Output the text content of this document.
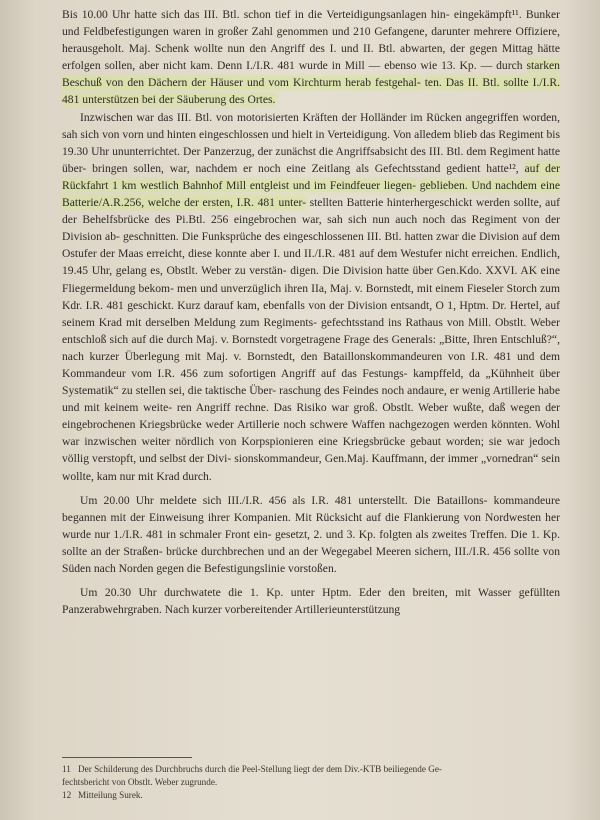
Bis 10.00 Uhr hatte sich das III. Btl. schon tief in die Verteidigungsanlagen hin- eingekämpft¹¹. Bunker und Feldbefestigungen waren in großer Zahl genommen und 210 Gefangene, darunter mehrere Offiziere, herausgeholt. Maj. Schenk wollte nun den Angriff des I. und II. Btl. abwarten, der gegen Mittag hätte erfolgen sollen, aber nicht kam. Denn I./I.R. 481 wurde in Mill — ebenso wie 13. Kp. — durch starken Beschuß von den Dächern der Häuser und vom Kirchturm herab festgehal- ten. Das II. Btl. sollte I./I.R. 481 unterstützen bei der Säuberung des Ortes.

Inzwischen war das III. Btl. von motorisierten Kräften der Holländer im Rücken angegriffen worden, sah sich von vorn und hinten eingeschlossen und hielt in Verteidigung. Von alledem blieb das Regiment bis 19.30 Uhr ununterrichtet. Der Panzerzug, der zunächst die Angriffsabsicht des III. Btl. dem Regiment hatte über- bringen sollen, war, nachdem er noch eine Zeitlang als Gefechtsstand gedient hatte¹², auf der Rückfahrt 1 km westlich Bahnhof Mill entgleist und im Feindfeuer liegen- geblieben. Und nachdem eine Batterie/A.R.256, welche der ersten, I.R. 481 unter- stellten Batterie hinterhergeschickt werden sollte, auf der Behelfsbrücke des Pi.Btl. 256 eingebrochen war, sah sich nun auch noch das Regiment von der Division ab- geschnitten. Die Funksprüche des eingeschlossenen III. Btl. hatten zwar die Division auf dem Ostufer der Maas erreicht, diese konnte aber I. und II./I.R. 481 auf dem Westufer nicht erreichen. Endlich, 19.45 Uhr, gelang es, Obstlt. Weber zu verstän- digen. Die Division hatte über Gen.Kdo. XXVI. AK eine Fliegermeldung bekom- men und unverzüglich ihren IIa, Maj. v. Bornstedt, mit einem Fieseler Storch zum Kdr. I.R. 481 geschickt. Kurz darauf kam, ebenfalls von der Division entsandt, O 1, Hptm. Dr. Hertel, auf seinem Krad mit derselben Meldung zum Regiments- gefechtsstand ins Rathaus von Mill. Obstlt. Weber entschloß sich auf die durch Maj. v. Bornstedt vorgetragene Frage des Generals: „Bitte, Ihren Entschluß?“, nach kurzer Überlegung mit Maj. v. Bornstedt, den Bataillonskommandeuren von I.R. 481 und dem Kommandeur vom I.R. 456 zum sofortigen Angriff auf das Festungs- kampffeld, da „Kühnheit über Systematik“ zu stellen sei, die taktische Über- raschung des Feindes noch andaure, er wenig Artillerie habe und mit keinem weite- ren Angriff rechne. Das Risiko war groß. Obstlt. Weber wußte, daß wegen der eingebrochenen Kriegsbrücke weder Artillerie noch schwere Waffen nachgezogen werden könnten. Wohl war inzwischen weiter nördlich von Korpspionieren eine Kriegsbrücke gebaut worden; sie war jedoch völlig verstopft, und selbst der Divi- sionskommandeur, Gen.Maj. Kauffmann, der immer „vornedran“ sein wollte, kam nur mit Krad durch.

Um 20.00 Uhr meldete sich III./I.R. 456 als I.R. 481 unterstellt. Die Bataillons- kommandeure begannen mit der Einweisung ihrer Kompanien. Mit Rücksicht auf die Flankierung von Nordwesten her wurde nur 1./I.R. 481 in schmaler Front ein- gesetzt, 2. und 3. Kp. folgten als zweites Treffen. Die 1. Kp. sollte an der Straßen- brücke durchbrechen und an der Wegegabel Meeren sichern, III./I.R. 456 sollte von Süden nach Norden gegen die Befestigungslinie vorstoßen.

Um 20.30 Uhr durchwatete die 1. Kp. unter Hptm. Eder den breiten, mit Wasser gefüllten Panzerabwehrgraben. Nach kurzer vorbereitender Artillerieunterstützung

11 Der Schilderung des Durchbruchs durch die Peel-Stellung liegt der dem Div.-KTB beiliegende Ge-

fechtsbericht von Obstlt. Weber zugrunde.

12 Mitteilung Surek.
